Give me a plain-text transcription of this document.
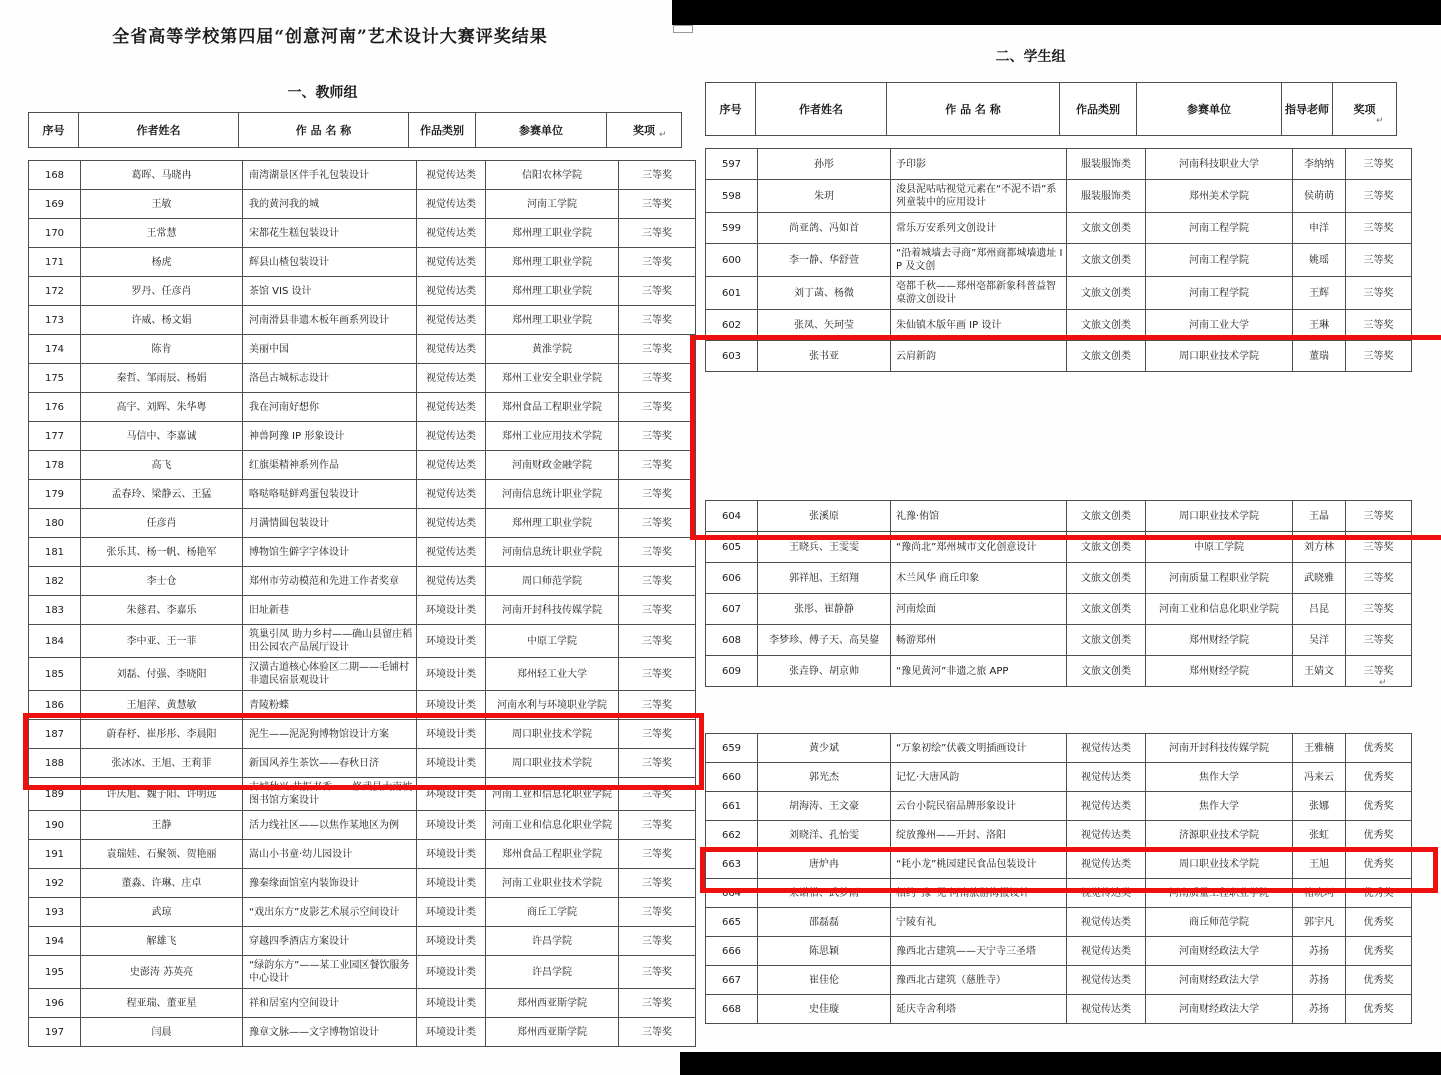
全省高等学校第四届“创意河南”艺术设计大赛评奖结果
一、教师组
序号	作者姓名	作 品 名 称	作品类别	参赛单位	奖项
168	葛晖、马晓冉	南湾湖景区伴手礼包装设计	视觉传达类	信阳农林学院	三等奖
169	王敏	我的黄河我的城	视觉传达类	河南工学院	三等奖
170	王常慧	宋都花生糕包装设计	视觉传达类	郑州理工职业学院	三等奖
171	杨虎	辉县山楂包装设计	视觉传达类	郑州理工职业学院	三等奖
172	罗丹、任彦肖	茶馆 VIS 设计	视觉传达类	郑州理工职业学院	三等奖
173	许威、杨文娟	河南滑县非遗木板年画系列设计	视觉传达类	郑州理工职业学院	三等奖
174	陈肯	美丽中国	视觉传达类	黄淮学院	三等奖
175	秦哲、邹雨辰、杨娟	洛邑古城标志设计	视觉传达类	郑州工业安全职业学院	三等奖
176	高宇、刘辉、朱华粤	我在河南好想你	视觉传达类	郑州食品工程职业学院	三等奖
177	马信中、李嘉诚	神兽阿豫 IP 形象设计	视觉传达类	郑州工业应用技术学院	三等奖
178	高飞	红旗渠精神系列作品	视觉传达类	河南财政金融学院	三等奖
179	孟春玲、梁静云、王猛	咯哒咯哒鲜鸡蛋包装设计	视觉传达类	河南信息统计职业学院	三等奖
180	任彦肖	月满情圆包装设计	视觉传达类	郑州理工职业学院	三等奖
181	张乐其、杨一帆、杨艳军	博物馆生僻字字体设计	视觉传达类	河南信息统计职业学院	三等奖
182	李士仓	郑州市劳动模范和先进工作者奖章	视觉传达类	周口师范学院	三等奖
183	朱慈君、李嘉乐	旧址新巷	环境设计类	河南开封科技传媒学院	三等奖
184	李中亚、王一菲	筑巢引凤 助力乡村——确山县留庄稻田公园农产品展厅设计	环境设计类	中原工学院	三等奖
185	刘磊、付强、李晓阳	汉潢古道核心体验区二期——毛铺村非遗民宿景观设计	环境设计类	郑州轻工业大学	三等奖
186	王旭萍、黄慧敏	青陵粉蝶	环境设计类	河南水利与环境职业学院	三等奖
187	蔚春杼、崔彤彤、李晨阳	泥生——泥泥狗博物馆设计方案	环境设计类	周口职业技术学院	三等奖
188	张冰冰、王旭、王莉菲	新国风养生茶饮——春秋日济	环境设计类	周口职业技术学院	三等奖
189	许庆旭、魏子阳、许明远	古城秋兴 共振书香——修武县大南坡图书馆方案设计	环境设计类	河南工业和信息化职业学院	三等奖
190	王静	活力线社区——以焦作某地区为例	环境设计类	河南工业和信息化职业学院	三等奖
191	袁瑞娃、石聚领、贺艳丽	嵩山小书童·幼儿园设计	环境设计类	郑州食品工程职业学院	三等奖
192	董淼、许琳、庄卓	豫秦缘面馆室内装饰设计	环境设计类	河南工业职业技术学院	三等奖
193	武琼	“戏出东方”皮影艺术展示空间设计	环境设计类	商丘工学院	三等奖
194	解雄飞	穿越四季酒店方案设计	环境设计类	许昌学院	三等奖
195	史澎涛 苏英亮	“绿韵东方”——某工业园区餐饮服务中心设计	环境设计类	许昌学院	三等奖
196	程亚瑞、董亚星	祥和居室内空间设计	环境设计类	郑州西亚斯学院	三等奖
197	闫晨	豫章文脉——文字博物馆设计	环境设计类	郑州西亚斯学院	三等奖
二、学生组
序号	作者姓名	作 品 名 称	作品类别	参赛单位	指导老师	奖项
597	孙彤	予印影	服装服饰类	河南科技职业大学	李纳纳	三等奖
598	朱玥	浚县泥咕咕视觉元素在“不泥不语”系列童装中的应用设计	服装服饰类	郑州美术学院	侯萌萌	三等奖
599	尚亚鸽、冯如首	常乐万安系列文创设计	文旅文创类	河南工程学院	申洋	三等奖
600	李一静、华舒萱	“沿着城墙去寻商”郑州商都城墙遗址 IP 及文创	文旅文创类	河南工程学院	姚瑶	三等奖
601	刘丁菡、杨微	亳都千秋——郑州亳都新象科普益智桌游文创设计	文旅文创类	河南工程学院	王辉	三等奖
602	张凤、矢珂莹	朱仙镇木版年画 IP 设计	文旅文创类	河南工业大学	王琳	三等奖
603	张书亚	云肩新韵	文旅文创类	周口职业技术学院	董瑞	三等奖
604	张溪原	礼豫·侑馆	文旅文创类	周口职业技术学院	王晶	三等奖
605	王晓兵、王雯雯	“豫尚北”郑州城市文化创意设计	文旅文创类	中原工学院	刘方林	三等奖
606	郭祥旭、王绍翔	木兰风华 商丘印象	文旅文创类	河南质量工程职业学院	武晓雅	三等奖
607	张彤、崔静静	河南烩面	文旅文创类	河南工业和信息化职业学院	吕昆	三等奖
608	李梦珍、傅子天、高昊鋆	畅游郑州	文旅文创类	郑州财经学院	吴洋	三等奖
609	张垚铮、胡京帅	“豫见黄河”非遗之旅 APP	文旅文创类	郑州财经学院	王婧文	三等奖
659	黄少斌	“万象初绘”伏羲文明插画设计	视觉传达类	河南开封科技传媒学院	王雅楠	优秀奖
660	郭光杰	记忆·大唐风韵	视觉传达类	焦作大学	冯来云	优秀奖
661	胡海涛、王文豪	云台小院民宿品牌形象设计	视觉传达类	焦作大学	张娜	优秀奖
662	刘晓洋、孔怡雯	绽放豫州——开封、洛阳	视觉传达类	济源职业技术学院	张虹	优秀奖
663	唐炉冉	“耗小龙”桃园建民食品包装设计	视觉传达类	周口职业技术学院	王旭	优秀奖
664	宋诺惜、武梦雨	相约“豫”见 河南旅游海报设计	视觉传达类	河南质量工程职业学院	褚晓珂	优秀奖
665	邵磊磊	宁陵有礼	视觉传达类	商丘师范学院	郭宇凡	优秀奖
666	陈思颖	豫西北古建筑——天宁寺三圣塔	视觉传达类	河南财经政法大学	苏扬	优秀奖
667	崔佳伦	豫西北古建筑（慈胜寺）	视觉传达类	河南财经政法大学	苏扬	优秀奖
668	史佳璇	延庆寺舍利塔	视觉传达类	河南财经政法大学	苏扬	优秀奖
↵
↵
↵
